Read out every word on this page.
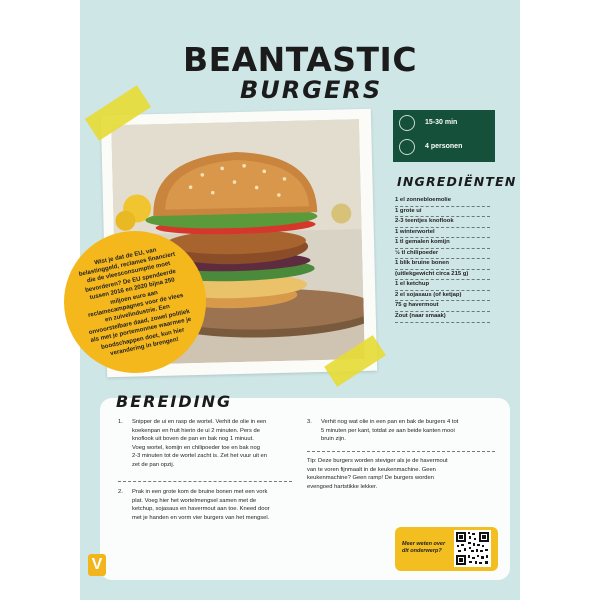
BEANTASTIC
BURGERS
Wist je dat de EU, van belastinggeld, reclames financiert die de vleesconsumptie moet bevorderen? De EU spendeerde tussen 2016 en 2020 bijna 250 miljoen euro aan reclamecampagnes voor de vlees en zuivelindustrie. Een onvoorstelbare daad, zowel politiek als met je portemonnee waarmee je boodschappen doet, kun hier verandering in brengen!
15-30 min
4 personen
INGREDIËNTEN
1 el zonnebloemolie
1 grote ui
2-3 teentjes knoflook
1 winterwortel
1 tl gemalen komijn
½ tl chilipoeder
1 blik bruine bonen
(uitlekgewicht circa 215 g)
1 el ketchup
2 el sojasaus (of ketjap)
75 g havermout
Zout (naar smaak)
BEREIDING
1. Snipper de ui en rasp de wortel. Verhit de olie in een
koekenpan en fruit hierin de ui 2 minuten. Pers de
knoflook uit boven de pan en bak nog 1 minuut.
Voeg wortel, komijn en chilipoeder toe en bak nog
2-3 minuten tot de wortel zacht is. Zet het vuur uit en
zet de pan opzij.
2. Prak in een grote kom de bruine bonen met een vork
plat. Voeg hier het wortelmengsel samen met de
ketchup, sojasaus en havermout aan toe. Kneed door
met je handen en vorm vier burgers van het mengsel.
3. Verhit nog wat olie in een pan en bak de burgers 4 tot
5 minuten per kant, totdat ze aan beide kanten mooi
bruin zijn.
Tip: Deze burgers worden steviger als je de havermout
van te voren fijnmaalt in de keukenmachine. Geen
keukenmachine? Geen ramp! De burgers worden
evengoed hartstikke lekker.
Meer weten over dit onderwerp?
V
